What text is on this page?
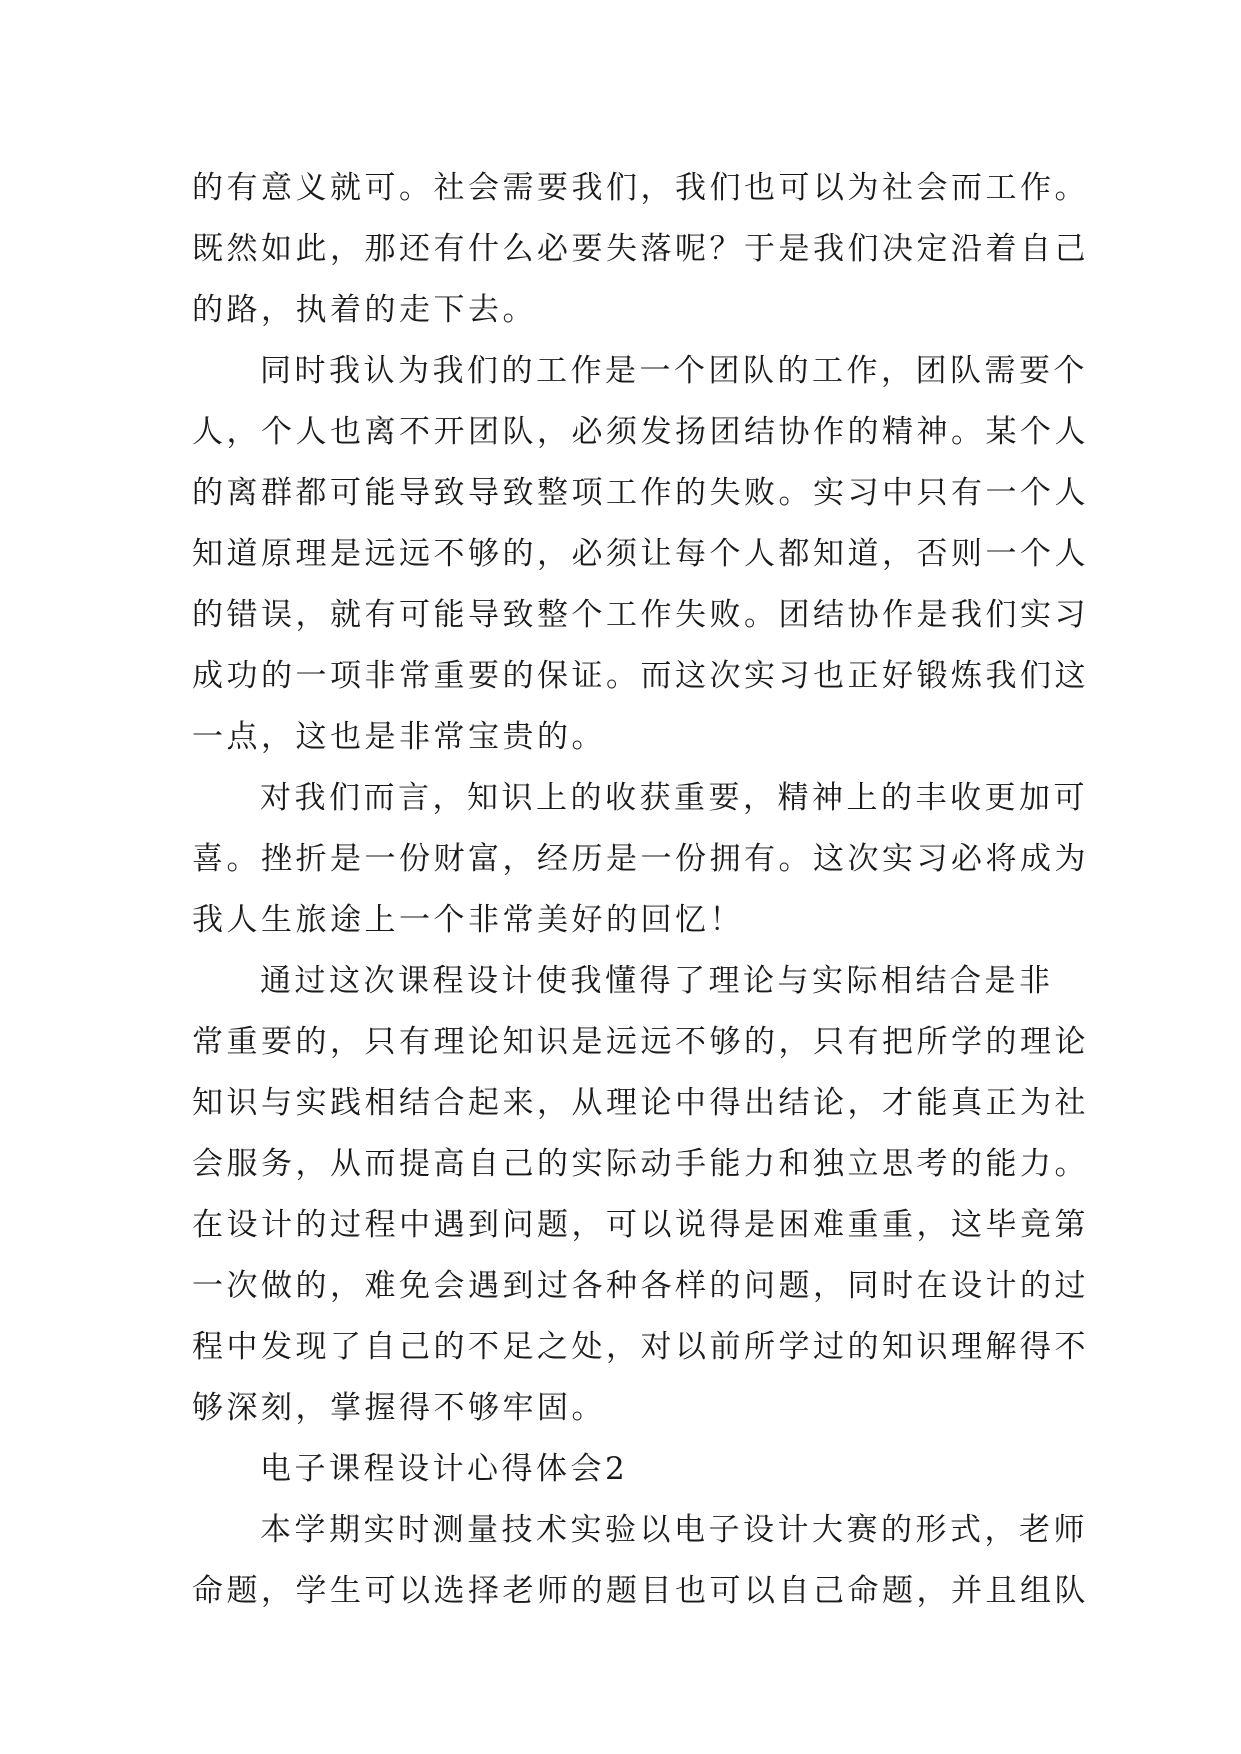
的有意义就可。社会需要我们，我们也可以为社会而工作。
既然如此，那还有什么必要失落呢？于是我们决定沿着自己
的路，执着的走下去。
同时我认为我们的工作是一个团队的工作，团队需要个
人，个人也离不开团队，必须发扬团结协作的精神。某个人
的离群都可能导致导致整项工作的失败。实习中只有一个人
知道原理是远远不够的，必须让每个人都知道，否则一个人
的错误，就有可能导致整个工作失败。团结协作是我们实习
成功的一项非常重要的保证。而这次实习也正好锻炼我们这
一点，这也是非常宝贵的。
对我们而言，知识上的收获重要，精神上的丰收更加可
喜。挫折是一份财富，经历是一份拥有。这次实习必将成为
我人生旅途上一个非常美好的回忆！
通过这次课程设计使我懂得了理论与实际相结合是非
常重要的，只有理论知识是远远不够的，只有把所学的理论
知识与实践相结合起来，从理论中得出结论，才能真正为社
会服务，从而提高自己的实际动手能力和独立思考的能力。
在设计的过程中遇到问题，可以说得是困难重重，这毕竟第
一次做的，难免会遇到过各种各样的问题，同时在设计的过
程中发现了自己的不足之处，对以前所学过的知识理解得不
够深刻，掌握得不够牢固。
电子课程设计心得体会2
本学期实时测量技术实验以电子设计大赛的形式，老师
命题，学生可以选择老师的题目也可以自己命题，并且组队
